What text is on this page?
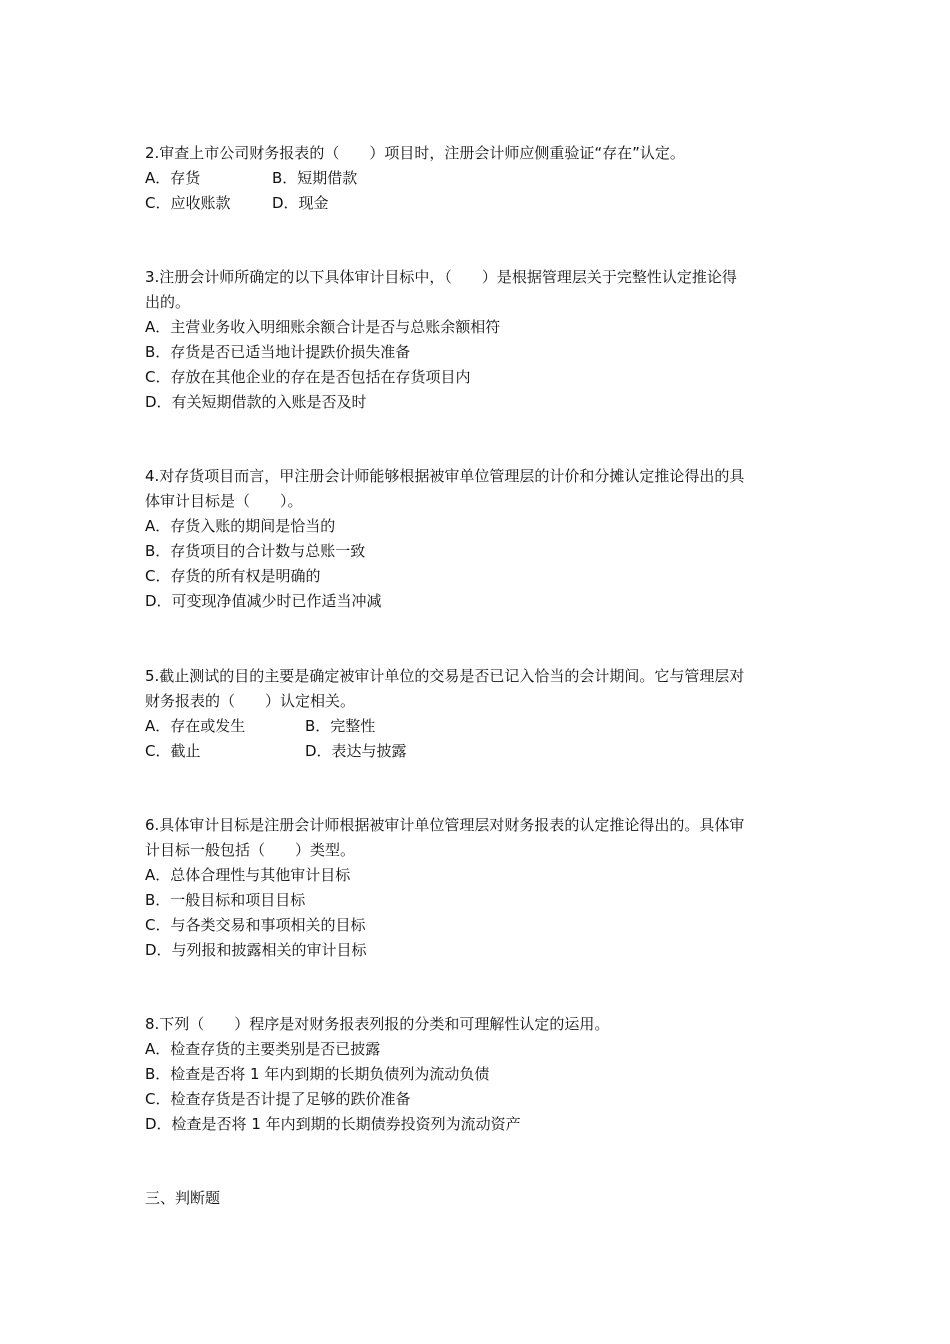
2.审查上市公司财务报表的（　　）项目时，注册会计师应侧重验证“存在”认定。
A．存货	B．短期借款
C．应收账款	D．现金
3.注册会计师所确定的以下具体审计目标中，（　　）是根据管理层关于完整性认定推论得
出的。
A．主营业务收入明细账余额合计是否与总账余额相符
B．存货是否已适当地计提跌价损失准备
C．存放在其他企业的存在是否包括在存货项目内
D．有关短期借款的入账是否及时
4.对存货项目而言，甲注册会计师能够根据被审单位管理层的计价和分摊认定推论得出的具
体审计目标是（　　）。
A．存货入账的期间是恰当的
B．存货项目的合计数与总账一致
C．存货的所有权是明确的
D．可变现净值减少时已作适当冲减
5.截止测试的目的主要是确定被审计单位的交易是否已记入恰当的会计期间。它与管理层对
财务报表的（　　）认定相关。
A．存在或发生	B．完整性
C．截止	D．表达与披露
6.具体审计目标是注册会计师根据被审计单位管理层对财务报表的认定推论得出的。具体审
计目标一般包括（　　）类型。
A．总体合理性与其他审计目标
B．一般目标和项目目标
C．与各类交易和事项相关的目标
D．与列报和披露相关的审计目标
8.下列（　　）程序是对财务报表列报的分类和可理解性认定的运用。
A．检查存货的主要类别是否已披露
B．检查是否将 1 年内到期的长期负债列为流动负债
C．检查存货是否计提了足够的跌价准备
D．检查是否将 1 年内到期的长期债券投资列为流动资产
三、判断题
